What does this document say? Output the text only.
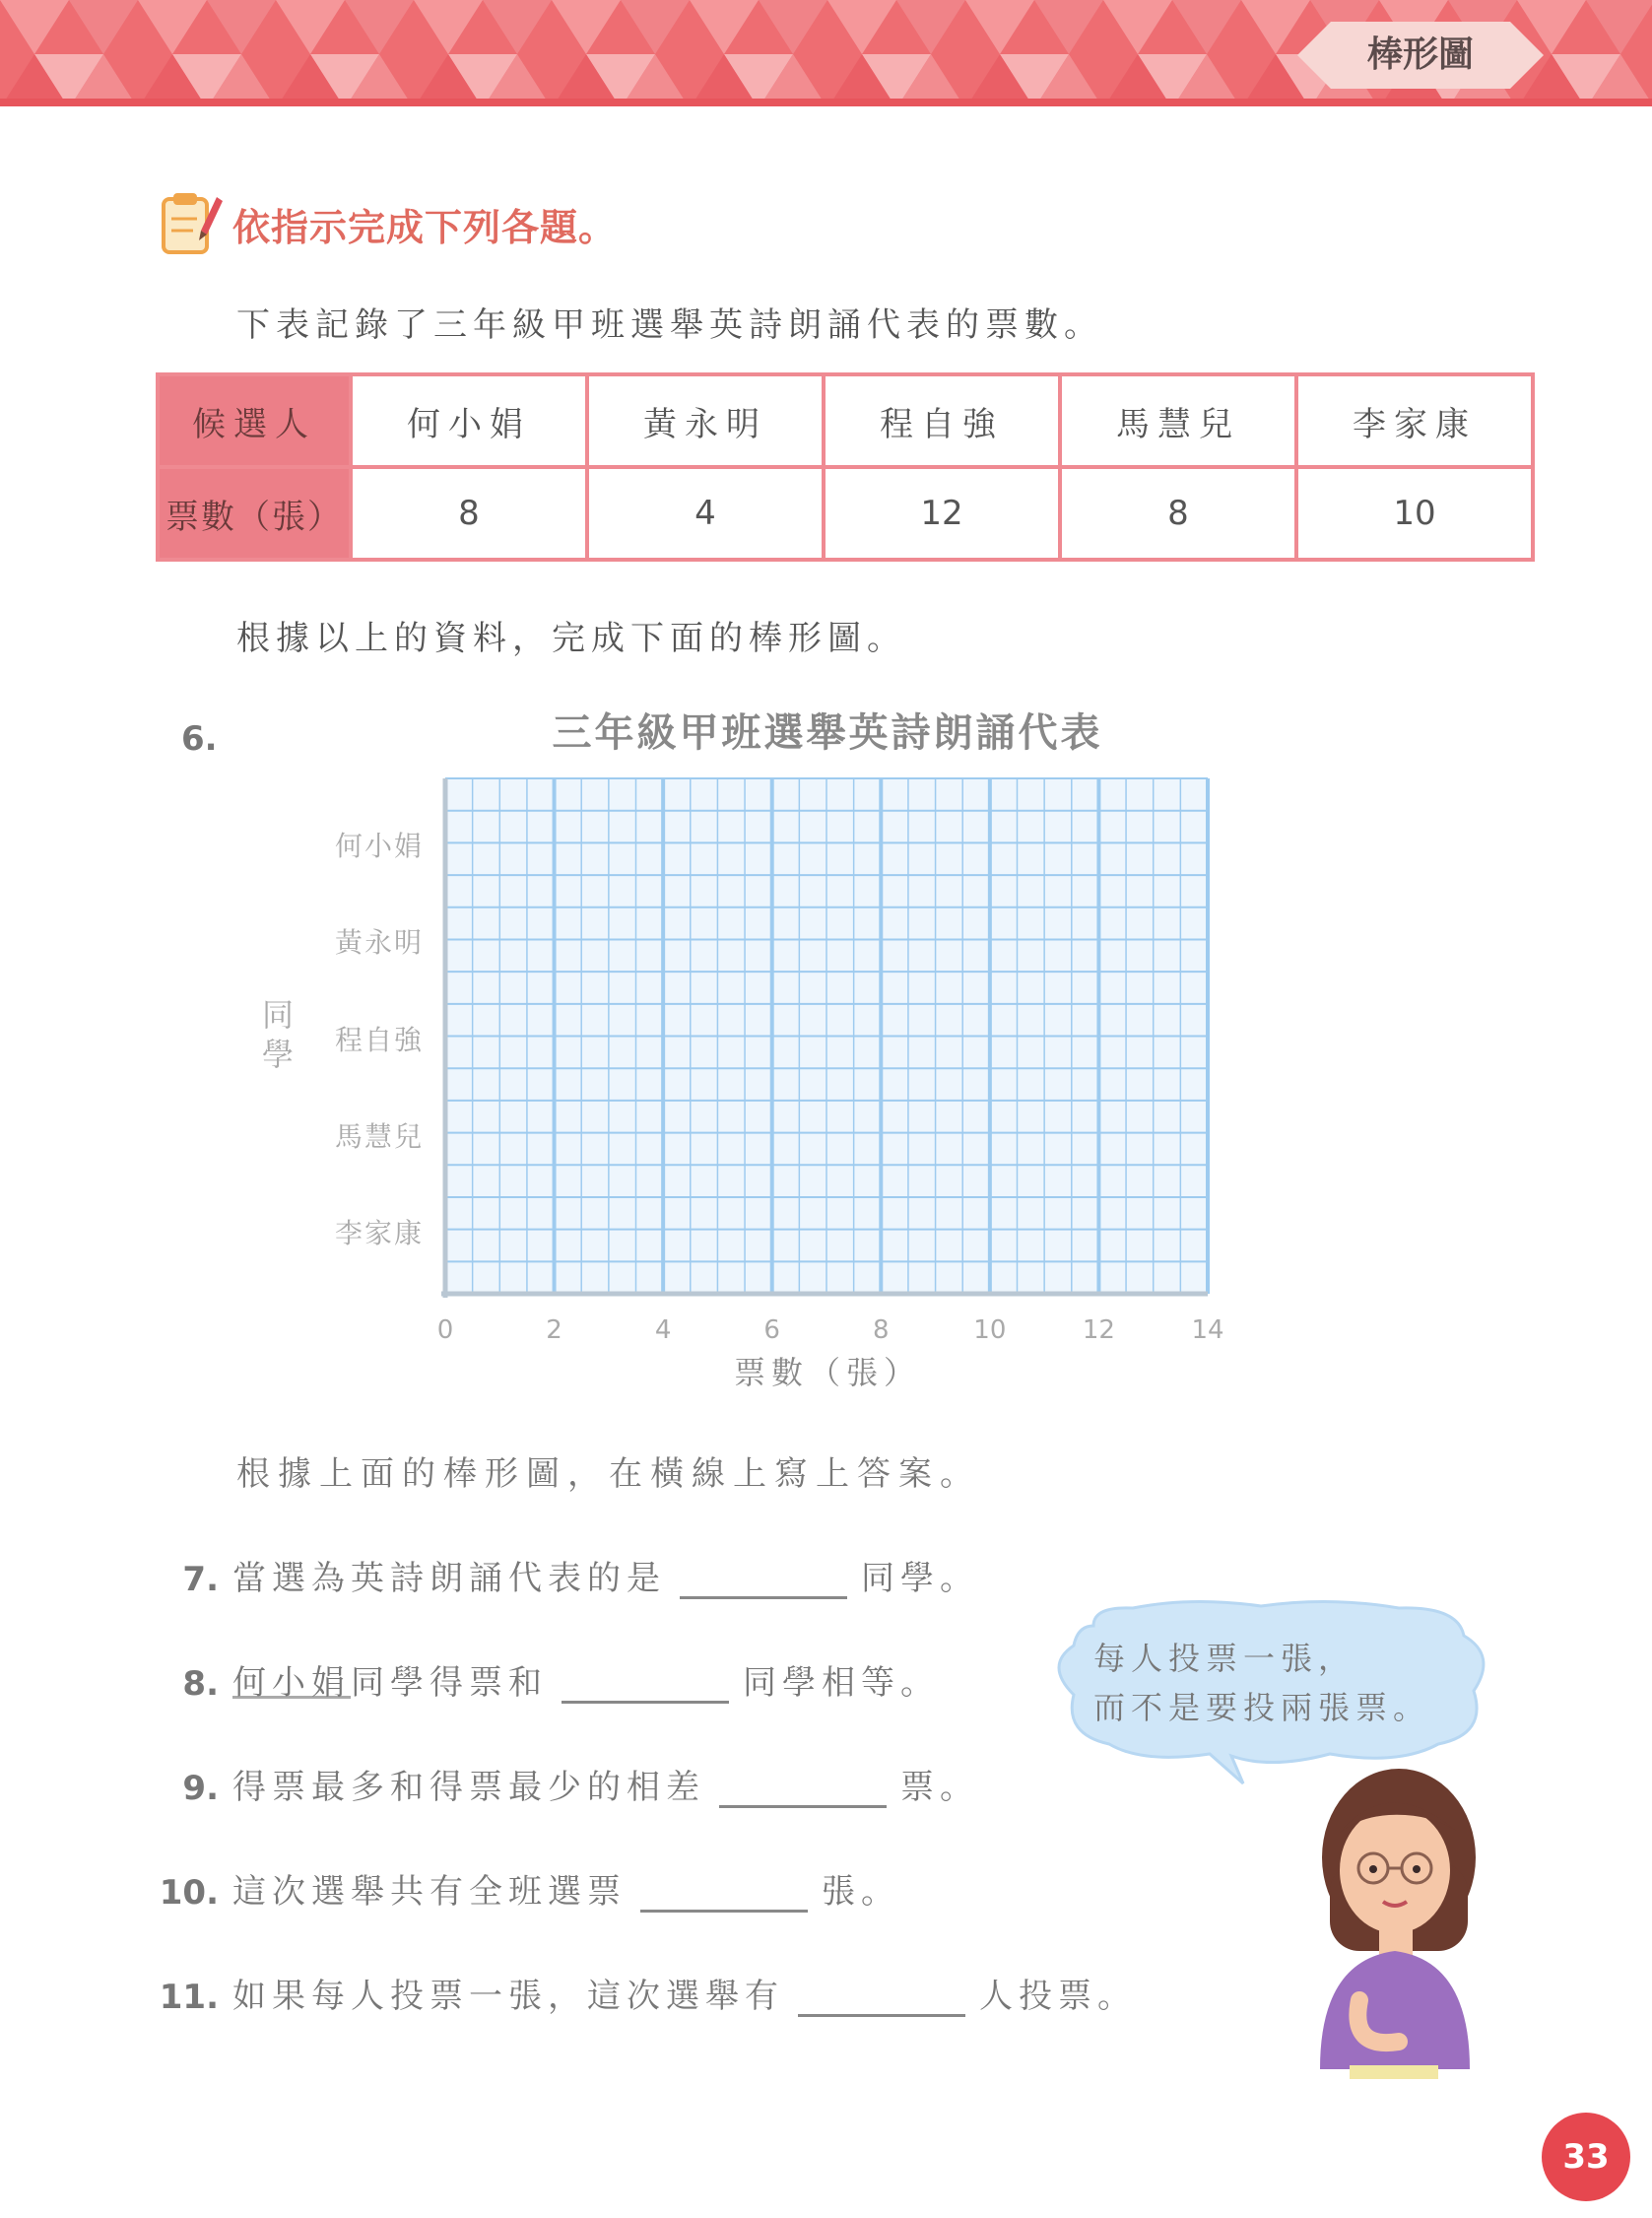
棒形圖
依指示完成下列各題。
下表記錄了三年級甲班選舉英詩朗誦代表的票數。
候選人	何小娟	黃永明	程自強	馬慧兒	李家康
票數（張）	8	4	12	8	10
根據以上的資料，完成下面的棒形圖。
6.	三年級甲班選舉英詩朗誦代表
同
學
何小娟
黃永明
程自強
馬慧兒
李家康
0	2	4	6	8	10	12	14
票數（張）
根據上面的棒形圖，在橫線上寫上答案。
7. 當選為英詩朗誦代表的是	同學。
8. 何小娟 同學得票和	同學相等。
9. 得票最多和得票最少的相差	票。
10. 這次選舉共有全班選票	張。
11. 如果每人投票一張，這次選舉有	人投票。
每人投票一張，
而不是要投兩張票。
33
